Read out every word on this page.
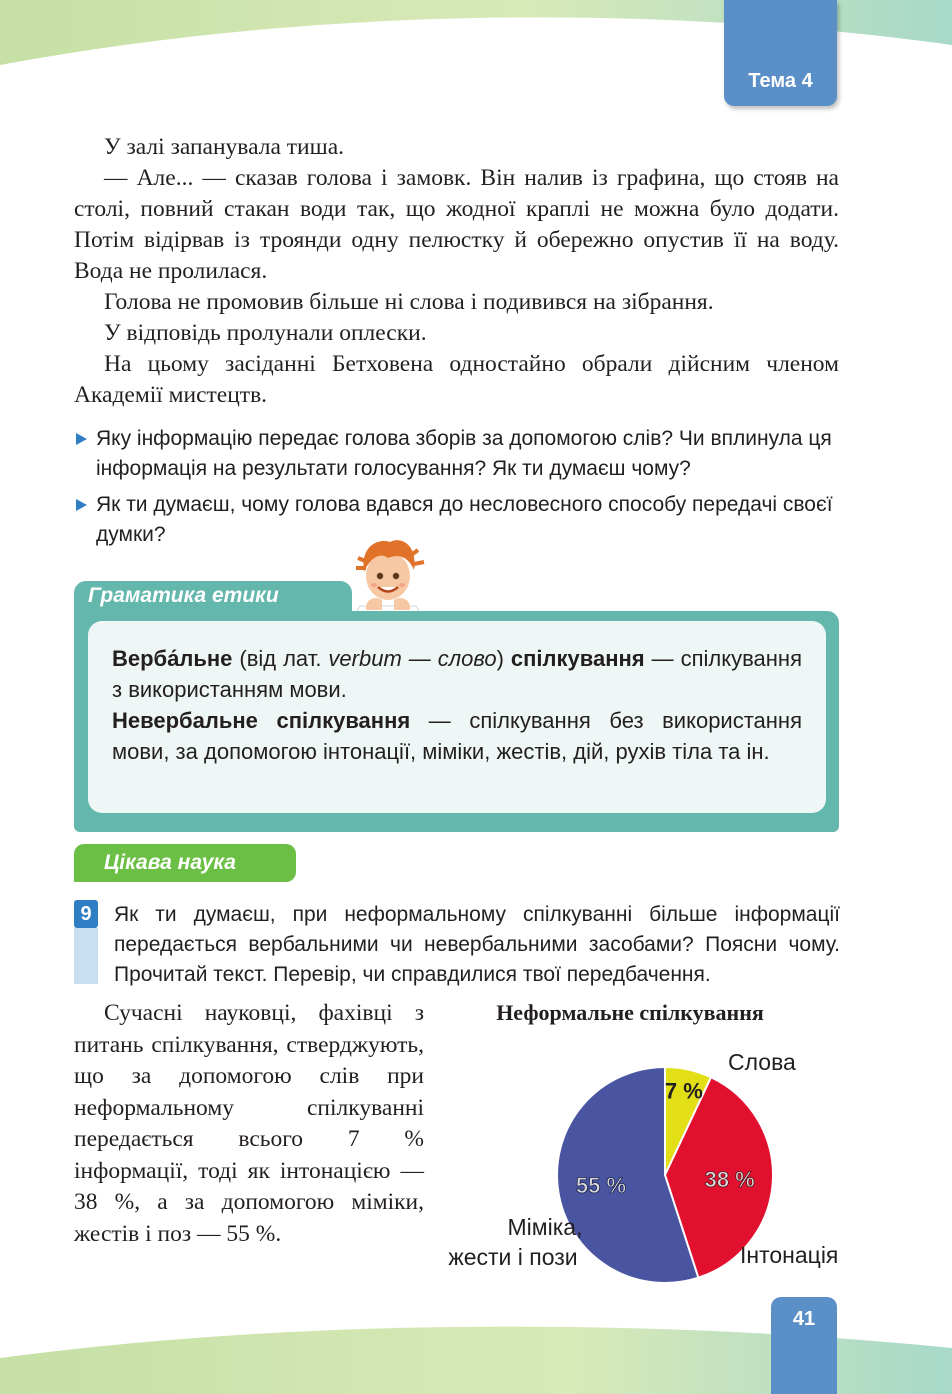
Тема 4

У залі запанувала тиша.

— Але... — сказав голова і замовк. Він налив із графина, що стояв на столі, повний стакан води так, що жодної краплі не можна було додати. Потім відірвав із троянди одну пелюстку й обережно опустив її на воду. Вода не пролилася.

Голова не промовив більше ні слова і подивився на зібрання.

У відповідь пролунали оплески.

На цьому засіданні Бетховена одностайно обрали дійсним членом Академії мистецтв.

Яку інформацію передає голова зборів за допомогою слів? Чи вплинула ця інформація на результати голосування? Як ти думаєш чому?
Як ти думаєш, чому голова вдався до несловесного способу передачі своєї думки?
Граматика етики

Верба́льне (від лат. verbum — слово) спілкування — спілкування з використанням мови.
Невербальне спілкування — спілкування без використання мови, за допомогою інтонації, міміки, жестів, дій, рухів тіла та ін.

Цікава наука
9	Як ти думаєш, при неформальному спілкуванні більше інформації передається вербальними чи невербальними засобами? Поясни чому. Прочитай текст. Перевір, чи справдилися твої передбачення.

Сучасні науковці, фахівці з питань спілкування, стверджують, що за допомогою слів при неформальному спілкуванні передається всього 7 % інформації, тоді як інтонацією — 38 %, а за допомогою міміки, жестів і поз — 55 %.

Неформальне спілкування
7 %
38 %
55 %
Слова
Інтонація
Міміка, жести і пози
41
